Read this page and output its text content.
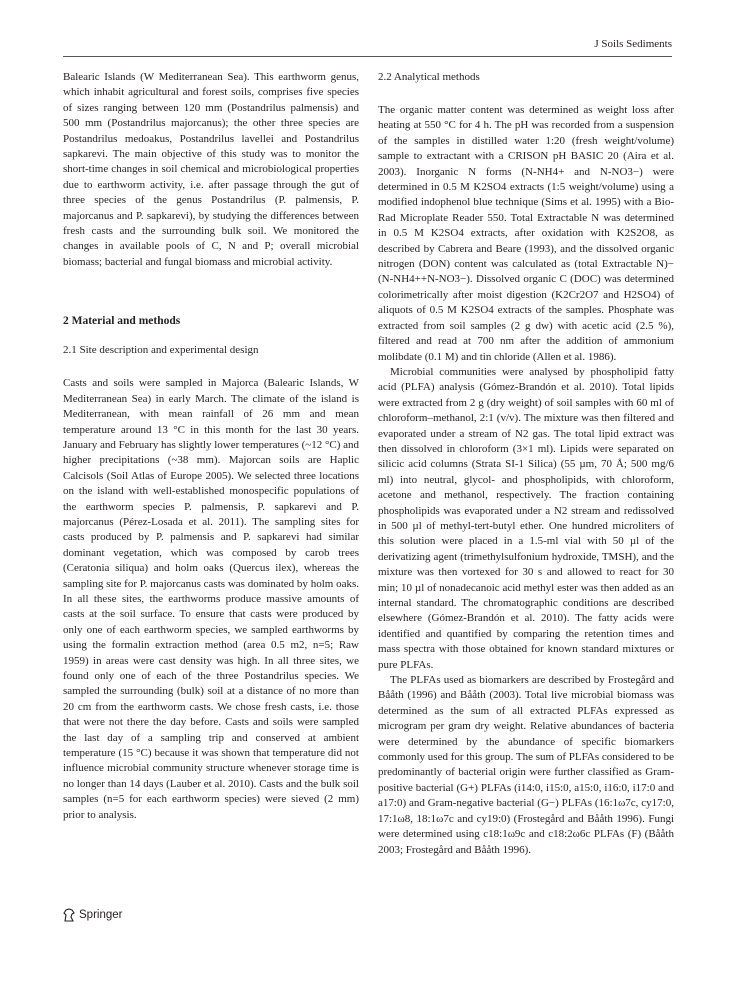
J Soils Sediments

Balearic Islands (W Mediterranean Sea). This earthworm genus, which inhabit agricultural and forest soils, comprises five species of sizes ranging between 120 mm (Postandrilus palmensis) and 500 mm (Postandrilus majorcanus); the other three species are Postandrilus medoakus, Postandrilus lavellei and Postandrilus sapkarevi. The main objective of this study was to monitor the short-time changes in soil chemical and microbiological properties due to earthworm activity, i.e. after passage through the gut of three species of the genus Postandrilus (P. palmensis, P. majorcanus and P. sapkarevi), by studying the differences between fresh casts and the surrounding bulk soil. We monitored the changes in available pools of C, N and P; overall microbial biomass; bacterial and fungal biomass and microbial activity.

2 Material and methods
2.1 Site description and experimental design

Casts and soils were sampled in Majorca (Balearic Islands, W Mediterranean Sea) in early March. The climate of the island is Mediterranean, with mean rainfall of 26 mm and mean temperature around 13 °C in this month for the last 30 years. January and February has slightly lower temperatures (~12 °C) and higher precipitations (~38 mm). Majorcan soils are Haplic Calcisols (Soil Atlas of Europe 2005). We selected three locations on the island with well-established monospecific populations of the earthworm species P. palmensis, P. sapkarevi and P. majorcanus (Pérez-Losada et al. 2011). The sampling sites for casts produced by P. palmensis and P. sapkarevi had similar dominant vegetation, which was composed by carob trees (Ceratonia siliqua) and holm oaks (Quercus ilex), whereas the sampling site for P. majorcanus casts was dominated by holm oaks. In all these sites, the earthworms produce massive amounts of casts at the soil surface. To ensure that casts were produced by only one of each earthworm species, we sampled earthworms by using the formalin extraction method (area 0.5 m2, n=5; Raw 1959) in areas were cast density was high. In all three sites, we found only one of each of the three Postandrilus species. We sampled the surrounding (bulk) soil at a distance of no more than 20 cm from the earthworm casts. We chose fresh casts, i.e. those that were not there the day before. Casts and soils were sampled the last day of a sampling trip and conserved at ambient temperature (15 °C) because it was shown that temperature did not influence microbial community structure whenever storage time is no longer than 14 days (Lauber et al. 2010). Casts and the bulk soil samples (n=5 for each earthworm species) were sieved (2 mm) prior to analysis.

2.2 Analytical methods

The organic matter content was determined as weight loss after heating at 550 °C for 4 h. The pH was recorded from a suspension of the samples in distilled water 1:20 (fresh weight/volume) sample to extractant with a CRISON pH BASIC 20 (Aira et al. 2003). Inorganic N forms (N-NH4+ and N-NO3−) were determined in 0.5 M K2SO4 extracts (1:5 weight/volume) using a modified indophenol blue technique (Sims et al. 1995) with a Bio-Rad Microplate Reader 550. Total Extractable N was determined in 0.5 M K2SO4 extracts, after oxidation with K2S2O8, as described by Cabrera and Beare (1993), and the dissolved organic nitrogen (DON) content was calculated as (total Extractable N)−(N-NH4++N-NO3−). Dissolved organic C (DOC) was determined colorimetrically after moist digestion (K2Cr2O7 and H2SO4) of aliquots of 0.5 M K2SO4 extracts of the samples. Phosphate was extracted from soil samples (2 g dw) with acetic acid (2.5 %), filtered and read at 700 nm after the addition of ammonium molibdate (0.1 M) and tin chloride (Allen et al. 1986).

Microbial communities were analysed by phospholipid fatty acid (PLFA) analysis (Gómez-Brandón et al. 2010). Total lipids were extracted from 2 g (dry weight) of soil samples with 60 ml of chloroform–methanol, 2:1 (v/v). The mixture was then filtered and evaporated under a stream of N2 gas. The total lipid extract was then dissolved in chloroform (3×1 ml). Lipids were separated on silicic acid columns (Strata SI-1 Silica) (55 µm, 70 Å; 500 mg/6 ml) into neutral, glycol- and phospholipids, with chloroform, acetone and methanol, respectively. The fraction containing phospholipids was evaporated under a N2 stream and redissolved in 500 µl of methyl-tert-butyl ether. One hundred microliters of this solution were placed in a 1.5-ml vial with 50 µl of the derivatizing agent (trimethylsulfonium hydroxide, TMSH), and the mixture was then vortexed for 30 s and allowed to react for 30 min; 10 µl of nonadecanoic acid methyl ester was then added as an internal standard. The chromatographic conditions are described elsewhere (Gómez-Brandón et al. 2010). The fatty acids were identified and quantified by comparing the retention times and mass spectra with those obtained for known standard mixtures or pure PLFAs.

The PLFAs used as biomarkers are described by Frostegård and Bååth (1996) and Bååth (2003). Total live microbial biomass was determined as the sum of all extracted PLFAs expressed as microgram per gram dry weight. Relative abundances of bacteria were determined by the abundance of specific biomarkers commonly used for this group. The sum of PLFAs considered to be predominantly of bacterial origin were further classified as Gram-positive bacterial (G+) PLFAs (i14:0, i15:0, a15:0, i16:0, i17:0 and a17:0) and Gram-negative bacterial (G−) PLFAs (16:1ω7c, cy17:0, 17:1ω8, 18:1ω7c and cy19:0) (Frostegård and Bååth 1996). Fungi were determined using c18:1ω9c and c18:2ω6c PLFAs (F) (Bååth 2003; Frostegård and Bååth 1996).

Springer
